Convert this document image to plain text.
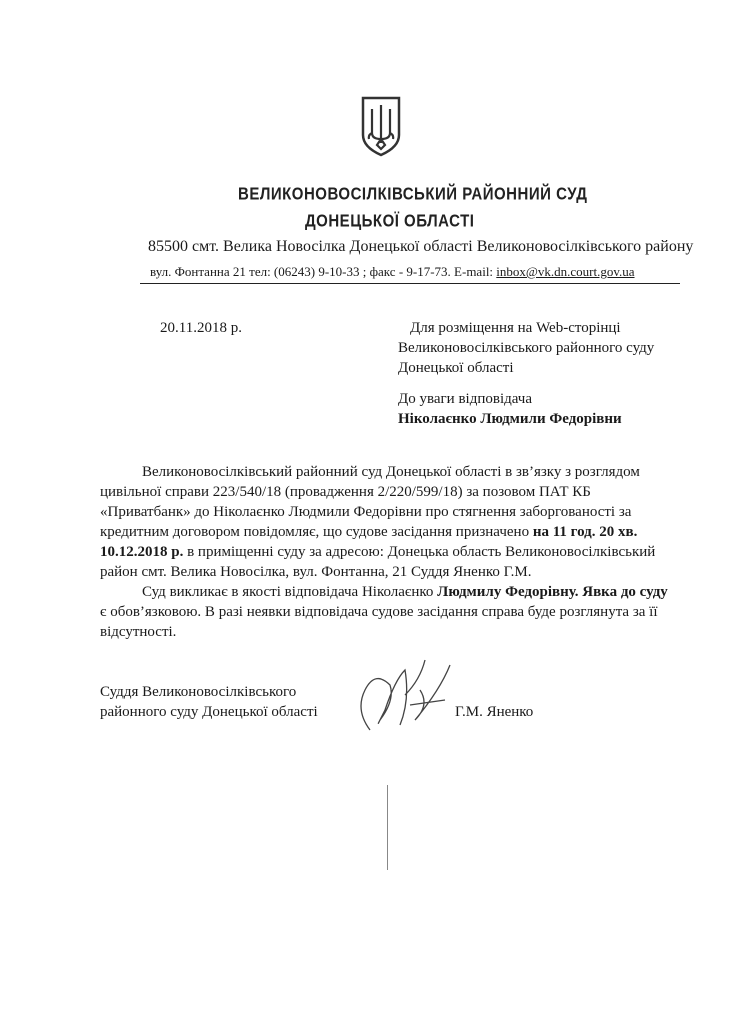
ВЕЛИКОНОВОСІЛКІВСЬКИЙ РАЙОННИЙ СУД
ДОНЕЦЬКОЇ ОБЛАСТІ
85500 смт. Велика Новосілка Донецької області Великоновосілківського району
вул. Фонтанна 21 тел: (06243) 9-10-33 ; факс - 9-17-73. E-mail: inbox@vk.dn.court.gov.ua
20.11.2018 р.	Для розміщення на Web-сторінці
Великоновосілківського районного суду
Донецької області
До уваги відповідача
Ніколаєнко Людмили Федорівни
Великоновосілківський районний суд Донецької області в зв’язку з розглядом
цивільної справи 223/540/18 (провадження 2/220/599/18) за позовом ПАТ КБ
«Приватбанк» до Ніколаєнко Людмили Федорівни про стягнення заборгованості за
кредитним договором повідомляє, що судове засідання призначено на 11 год. 20 хв.
10.12.2018 р. в приміщенні суду за адресою: Донецька область Великоновосілківський
район смт. Велика Новосілка, вул. Фонтанна, 21 Суддя Яненко Г.М.
Суд викликає в якості відповідача Ніколаєнко Людмилу Федорівну. Явка до суду
є обов’язковою. В разі неявки відповідача судове засідання справа буде розглянута за її
відсутності.
Суддя Великоновосілківського
районного суду Донецької області	Г.М. Яненко
